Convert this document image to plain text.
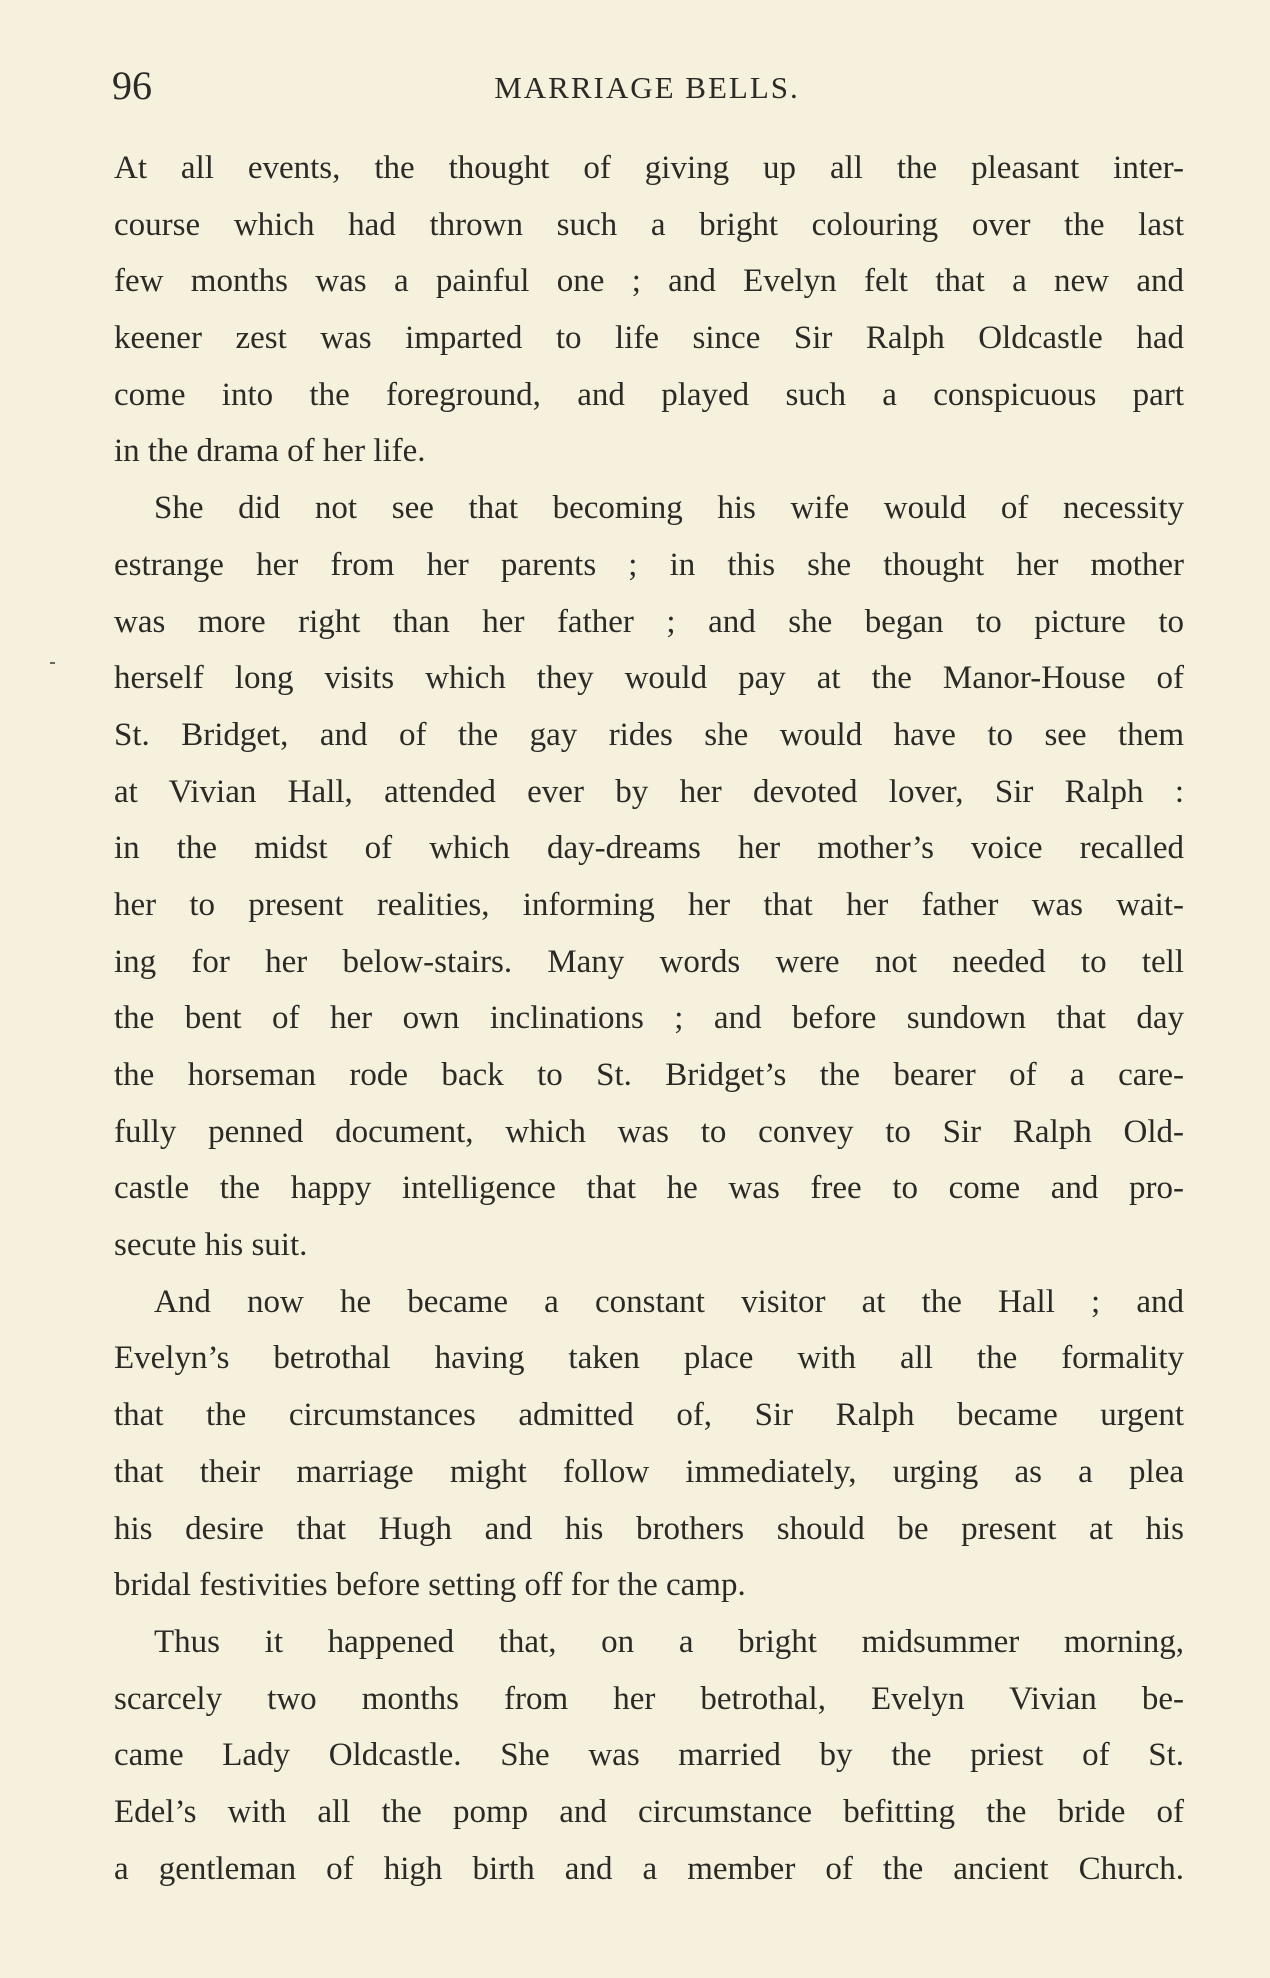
96	MARRIAGE BELLS.
At all events, the thought of giving up all the pleasant inter-
course which had thrown such a bright colouring over the last
few months was a painful one ; and Evelyn felt that a new and
keener zest was imparted to life since Sir Ralph Oldcastle had
come into the foreground, and played such a conspicuous part
in the drama of her life.
She did not see that becoming his wife would of necessity
estrange her from her parents ; in this she thought her mother
was more right than her father ; and she began to picture to
herself long visits which they would pay at the Manor-House of
St. Bridget, and of the gay rides she would have to see them
at Vivian Hall, attended ever by her devoted lover, Sir Ralph :
in the midst of which day-dreams her mother’s voice recalled
her to present realities, informing her that her father was wait-
ing for her below-stairs. Many words were not needed to tell
the bent of her own inclinations ; and before sundown that day
the horseman rode back to St. Bridget’s the bearer of a care-
fully penned document, which was to convey to Sir Ralph Old-
castle the happy intelligence that he was free to come and pro-
secute his suit.
And now he became a constant visitor at the Hall ; and
Evelyn’s betrothal having taken place with all the formality
that the circumstances admitted of, Sir Ralph became urgent
that their marriage might follow immediately, urging as a plea
his desire that Hugh and his brothers should be present at his
bridal festivities before setting off for the camp.
Thus it happened that, on a bright midsummer morning,
scarcely two months from her betrothal, Evelyn Vivian be-
came Lady Oldcastle. She was married by the priest of St.
Edel’s with all the pomp and circumstance befitting the bride of
a gentleman of high birth and a member of the ancient Church.
